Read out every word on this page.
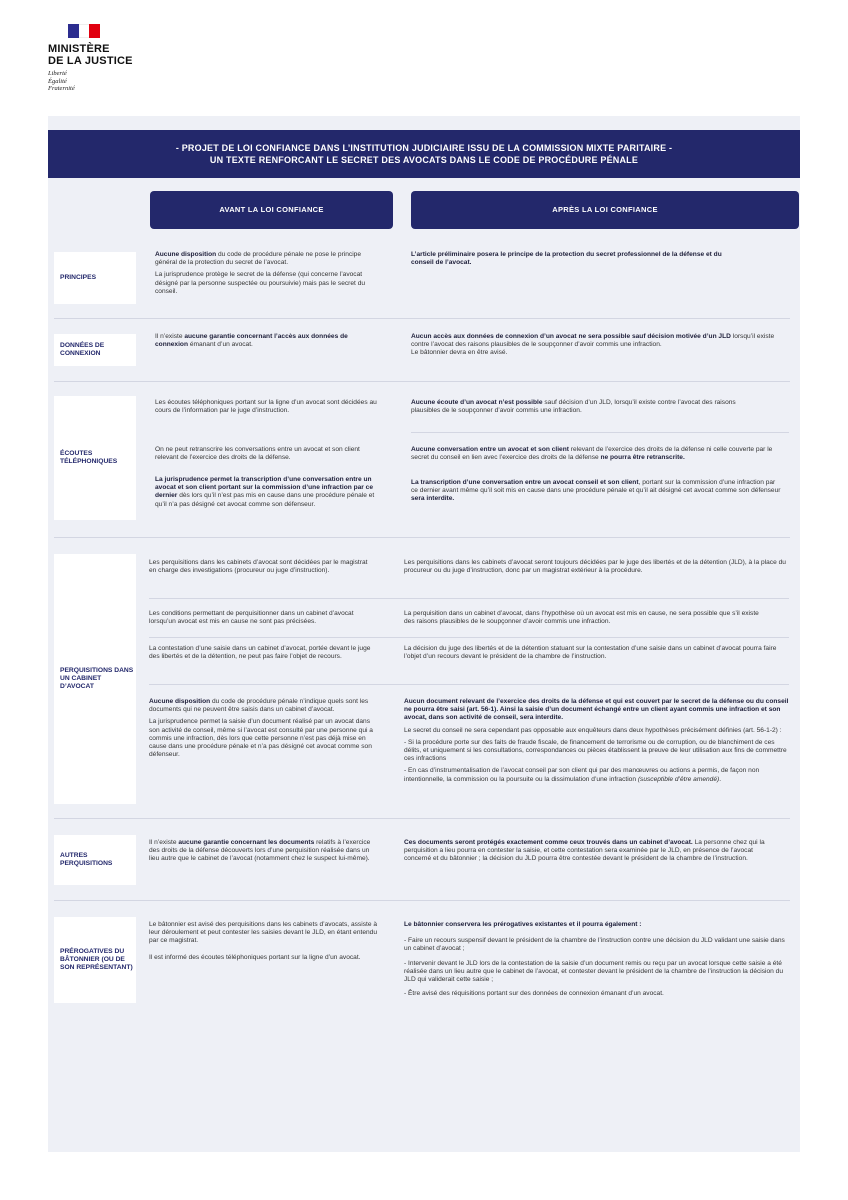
MINISTÈRE
DE LA JUSTICE
Liberté
Égalité
Fraternité
- PROJET DE LOI CONFIANCE DANS L’INSTITUTION JUDICIAIRE ISSU DE LA COMMISSION MIXTE PARITAIRE -
UN TEXTE RENFORCANT LE SECRET DES AVOCATS DANS LE CODE DE PROCÉDURE PÉNALE
AVANT LA LOI CONFIANCE	APRÈS LA LOI CONFIANCE
PRINCIPES

Aucune disposition du code de procédure pénale ne pose le principe général de la protection du secret de l’avocat.

La jurisprudence protège le secret de la défense (qui concerne l’avocat désigné par la personne suspectée ou poursuivie) mais pas le secret du conseil.

L’article préliminaire posera le principe de la protection du secret professionnel de la défense et du conseil de l’avocat.

DONNÉES DE CONNEXION

Il n’existe aucune garantie concernant l’accès aux données de connexion émanant d’un avocat.

Aucun accès aux données de connexion d’un avocat ne sera possible sauf décision motivée d’un JLD lorsqu’il existe contre l’avocat des raisons plausibles de le soupçonner d’avoir commis une infraction.

Le bâtonnier devra en être avisé.

ÉCOUTES TÉLÉPHONIQUES
Les écoutes téléphoniques portant sur la ligne d’un avocat sont décidées au cours de l’information par le juge d’instruction.
Aucune écoute d’un avocat n’est possible sauf décision d’un JLD, lorsqu’il existe contre l’avocat des raisons plausibles de le soupçonner d’avoir commis une infraction.
On ne peut retranscrire les conversations entre un avocat et son client relevant de l’exercice des droits de la défense.
Aucune conversation entre un avocat et son client relevant de l’exercice des droits de la défense ni celle couverte par le secret du conseil en lien avec l’exercice des droits de la défense ne pourra être retranscrite.
La jurisprudence permet la transcription d’une conversation entre un avocat et son client portant sur la commission d’une infraction par ce dernier dès lors qu’il n’est pas mis en cause dans une procédure pénale et qu’il n’a pas désigné cet avocat comme son défenseur.
La transcription d’une conversation entre un avocat conseil et son client, portant sur la commission d’une infraction par ce dernier avant même qu’il soit mis en cause dans une procédure pénale et qu’il ait désigné cet avocat comme son défenseur sera interdite.
PERQUISITIONS DANS UN CABINET D’AVOCAT
Les perquisitions dans les cabinets d’avocat sont décidées par le magistrat en charge des investigations (procureur ou juge d’instruction).
Les perquisitions dans les cabinets d’avocat seront toujours décidées par le juge des libertés et de la détention (JLD), à la place du procureur ou du juge d’instruction, donc par un magistrat extérieur à la procédure.
Les conditions permettant de perquisitionner dans un cabinet d’avocat lorsqu’un avocat est mis en cause ne sont pas précisées.
La perquisition dans un cabinet d’avocat, dans l’hypothèse où un avocat est mis en cause, ne sera possible que s’il existe des raisons plausibles de le soupçonner d’avoir commis une infraction.
La contestation d’une saisie dans un cabinet d’avocat, portée devant le juge des libertés et de la détention, ne peut pas faire l’objet de recours.
La décision du juge des libertés et de la détention statuant sur la contestation d’une saisie dans un cabinet d’avocat pourra faire l’objet d’un recours devant le président de la chambre de l’instruction.

Aucune disposition du code de procédure pénale n’indique quels sont les documents qui ne peuvent être saisis dans un cabinet d’avocat.

La jurisprudence permet la saisie d’un document réalisé par un avocat dans son activité de conseil, même si l’avocat est consulté par une personne qui a commis une infraction, dès lors que cette personne n’est pas déjà mise en cause dans une procédure pénale et n’a pas désigné cet avocat comme son défenseur.

Aucun document relevant de l’exercice des droits de la défense et qui est couvert par le secret de la défense ou du conseil ne pourra être saisi (art. 56-1). Ainsi la saisie d’un document échangé entre un client ayant commis une infraction et son avocat, dans son activité de conseil, sera interdite.

Le secret du conseil ne sera cependant pas opposable aux enquêteurs dans deux hypothèses précisément définies (art. 56-1-2) :

- Si la procédure porte sur des faits de fraude fiscale, de financement de terrorisme ou de corruption, ou de blanchiment de ces délits, et uniquement si les consultations, correspondances ou pièces établissent la preuve de leur utilisation aux fins de commettre ces infractions

- En cas d’instrumentalisation de l’avocat conseil par son client qui par des manœuvres ou actions a permis, de façon non intentionnelle, la commission ou la poursuite ou la dissimulation d’une infraction (susceptible d’être amendé).

AUTRES PERQUISITIONS
Il n’existe aucune garantie concernant les documents relatifs à l’exercice des droits de la défense découverts lors d’une perquisition réalisée dans un lieu autre que le cabinet de l’avocat (notamment chez le suspect lui-même).
Ces documents seront protégés exactement comme ceux trouvés dans un cabinet d’avocat. La personne chez qui la perquisition a lieu pourra en contester la saisie, et cette contestation sera examinée par le JLD, en présence de l’avocat concerné et du bâtonnier ; la décision du JLD pourra être contestée devant le président de la chambre de l’instruction.
PRÉROGATIVES DU BÂTONNIER (OU DE SON REPRÉSENTANT)

Le bâtonnier est avisé des perquisitions dans les cabinets d’avocats, assiste à leur déroulement et peut contester les saisies devant le JLD, en étant entendu par ce magistrat.

Il est informé des écoutes téléphoniques portant sur la ligne d’un avocat.

Le bâtonnier conservera les prérogatives existantes et il pourra également :

- Faire un recours suspensif devant le président de la chambre de l’instruction contre une décision du JLD validant une saisie dans un cabinet d’avocat ;

- Intervenir devant le JLD lors de la contestation de la saisie d’un document remis ou reçu par un avocat lorsque cette saisie a été réalisée dans un lieu autre que le cabinet de l’avocat, et contester devant le président de la chambre de l’instruction la décision du JLD qui validerait cette saisie ;

- Être avisé des réquisitions portant sur des données de connexion émanant d’un avocat.
